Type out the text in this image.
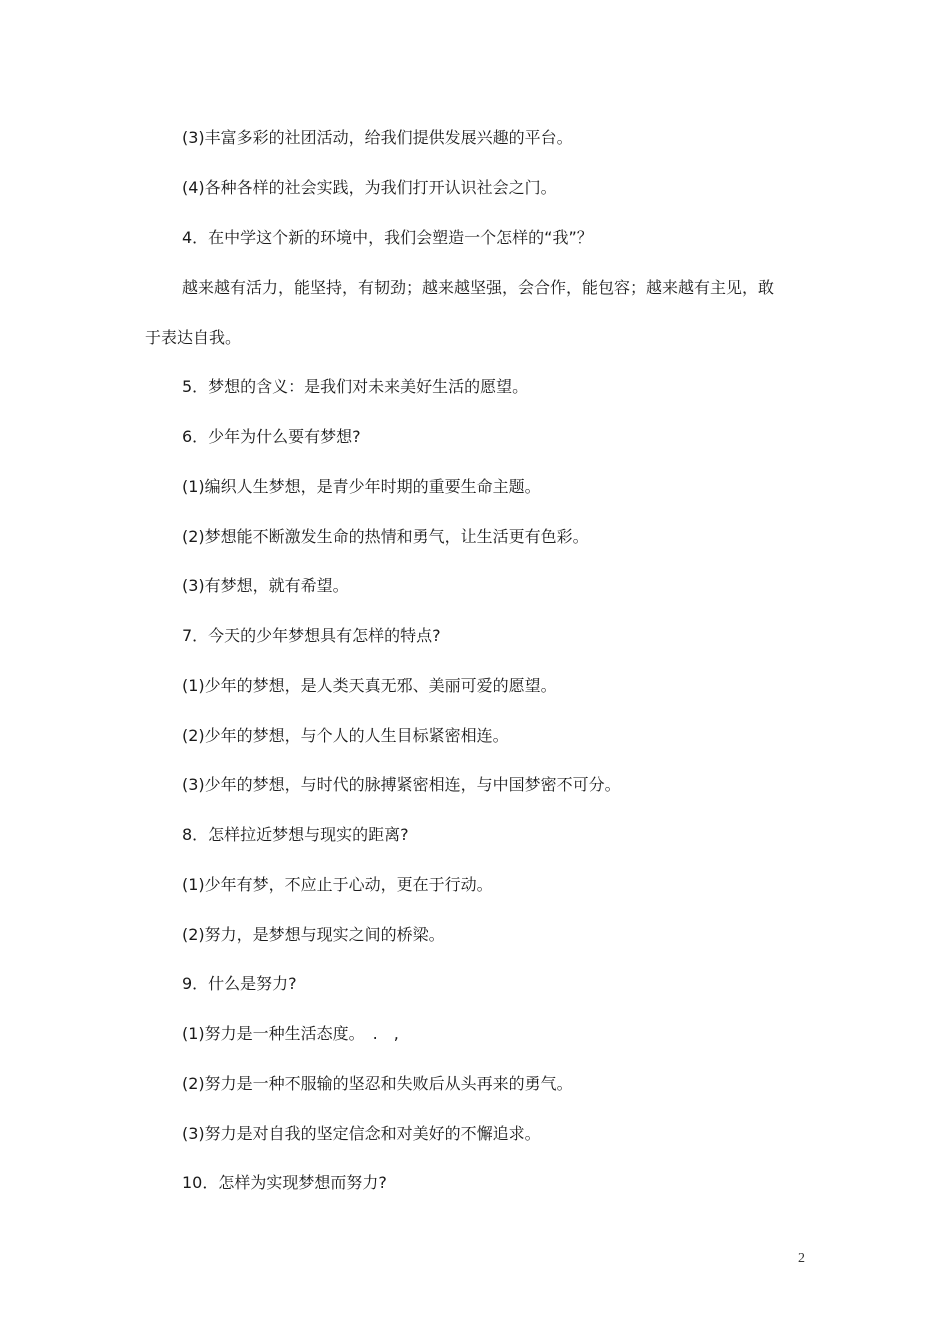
(3)丰富多彩的社团活动，给我们提供发展兴趣的平台。
(4)各种各样的社会实践，为我们打开认识社会之门。
4．在中学这个新的环境中，我们会塑造一个怎样的“我”？
越来越有活力，能坚持，有韧劲；越来越坚强，会合作，能包容；越来越有主见，敢
于表达自我。
5．梦想的含义：是我们对未来美好生活的愿望。
6．少年为什么要有梦想?
(1)编织人生梦想，是青少年时期的重要生命主题。
(2)梦想能不断激发生命的热情和勇气，让生活更有色彩。
(3)有梦想，就有希望。
7．今天的少年梦想具有怎样的特点?
(1)少年的梦想，是人类天真无邪、美丽可爱的愿望。
(2)少年的梦想，与个人的人生目标紧密相连。
(3)少年的梦想，与时代的脉搏紧密相连，与中国梦密不可分。
8．怎样拉近梦想与现实的距离?
(1)少年有梦，不应止于心动，更在于行动。
(2)努力，是梦想与现实之间的桥梁。
9．什么是努力?
(1)努力是一种生活态度。　.　,
(2)努力是一种不服输的坚忍和失败后从头再来的勇气。
(3)努力是对自我的坚定信念和对美好的不懈追求。
10．怎样为实现梦想而努力?
2
